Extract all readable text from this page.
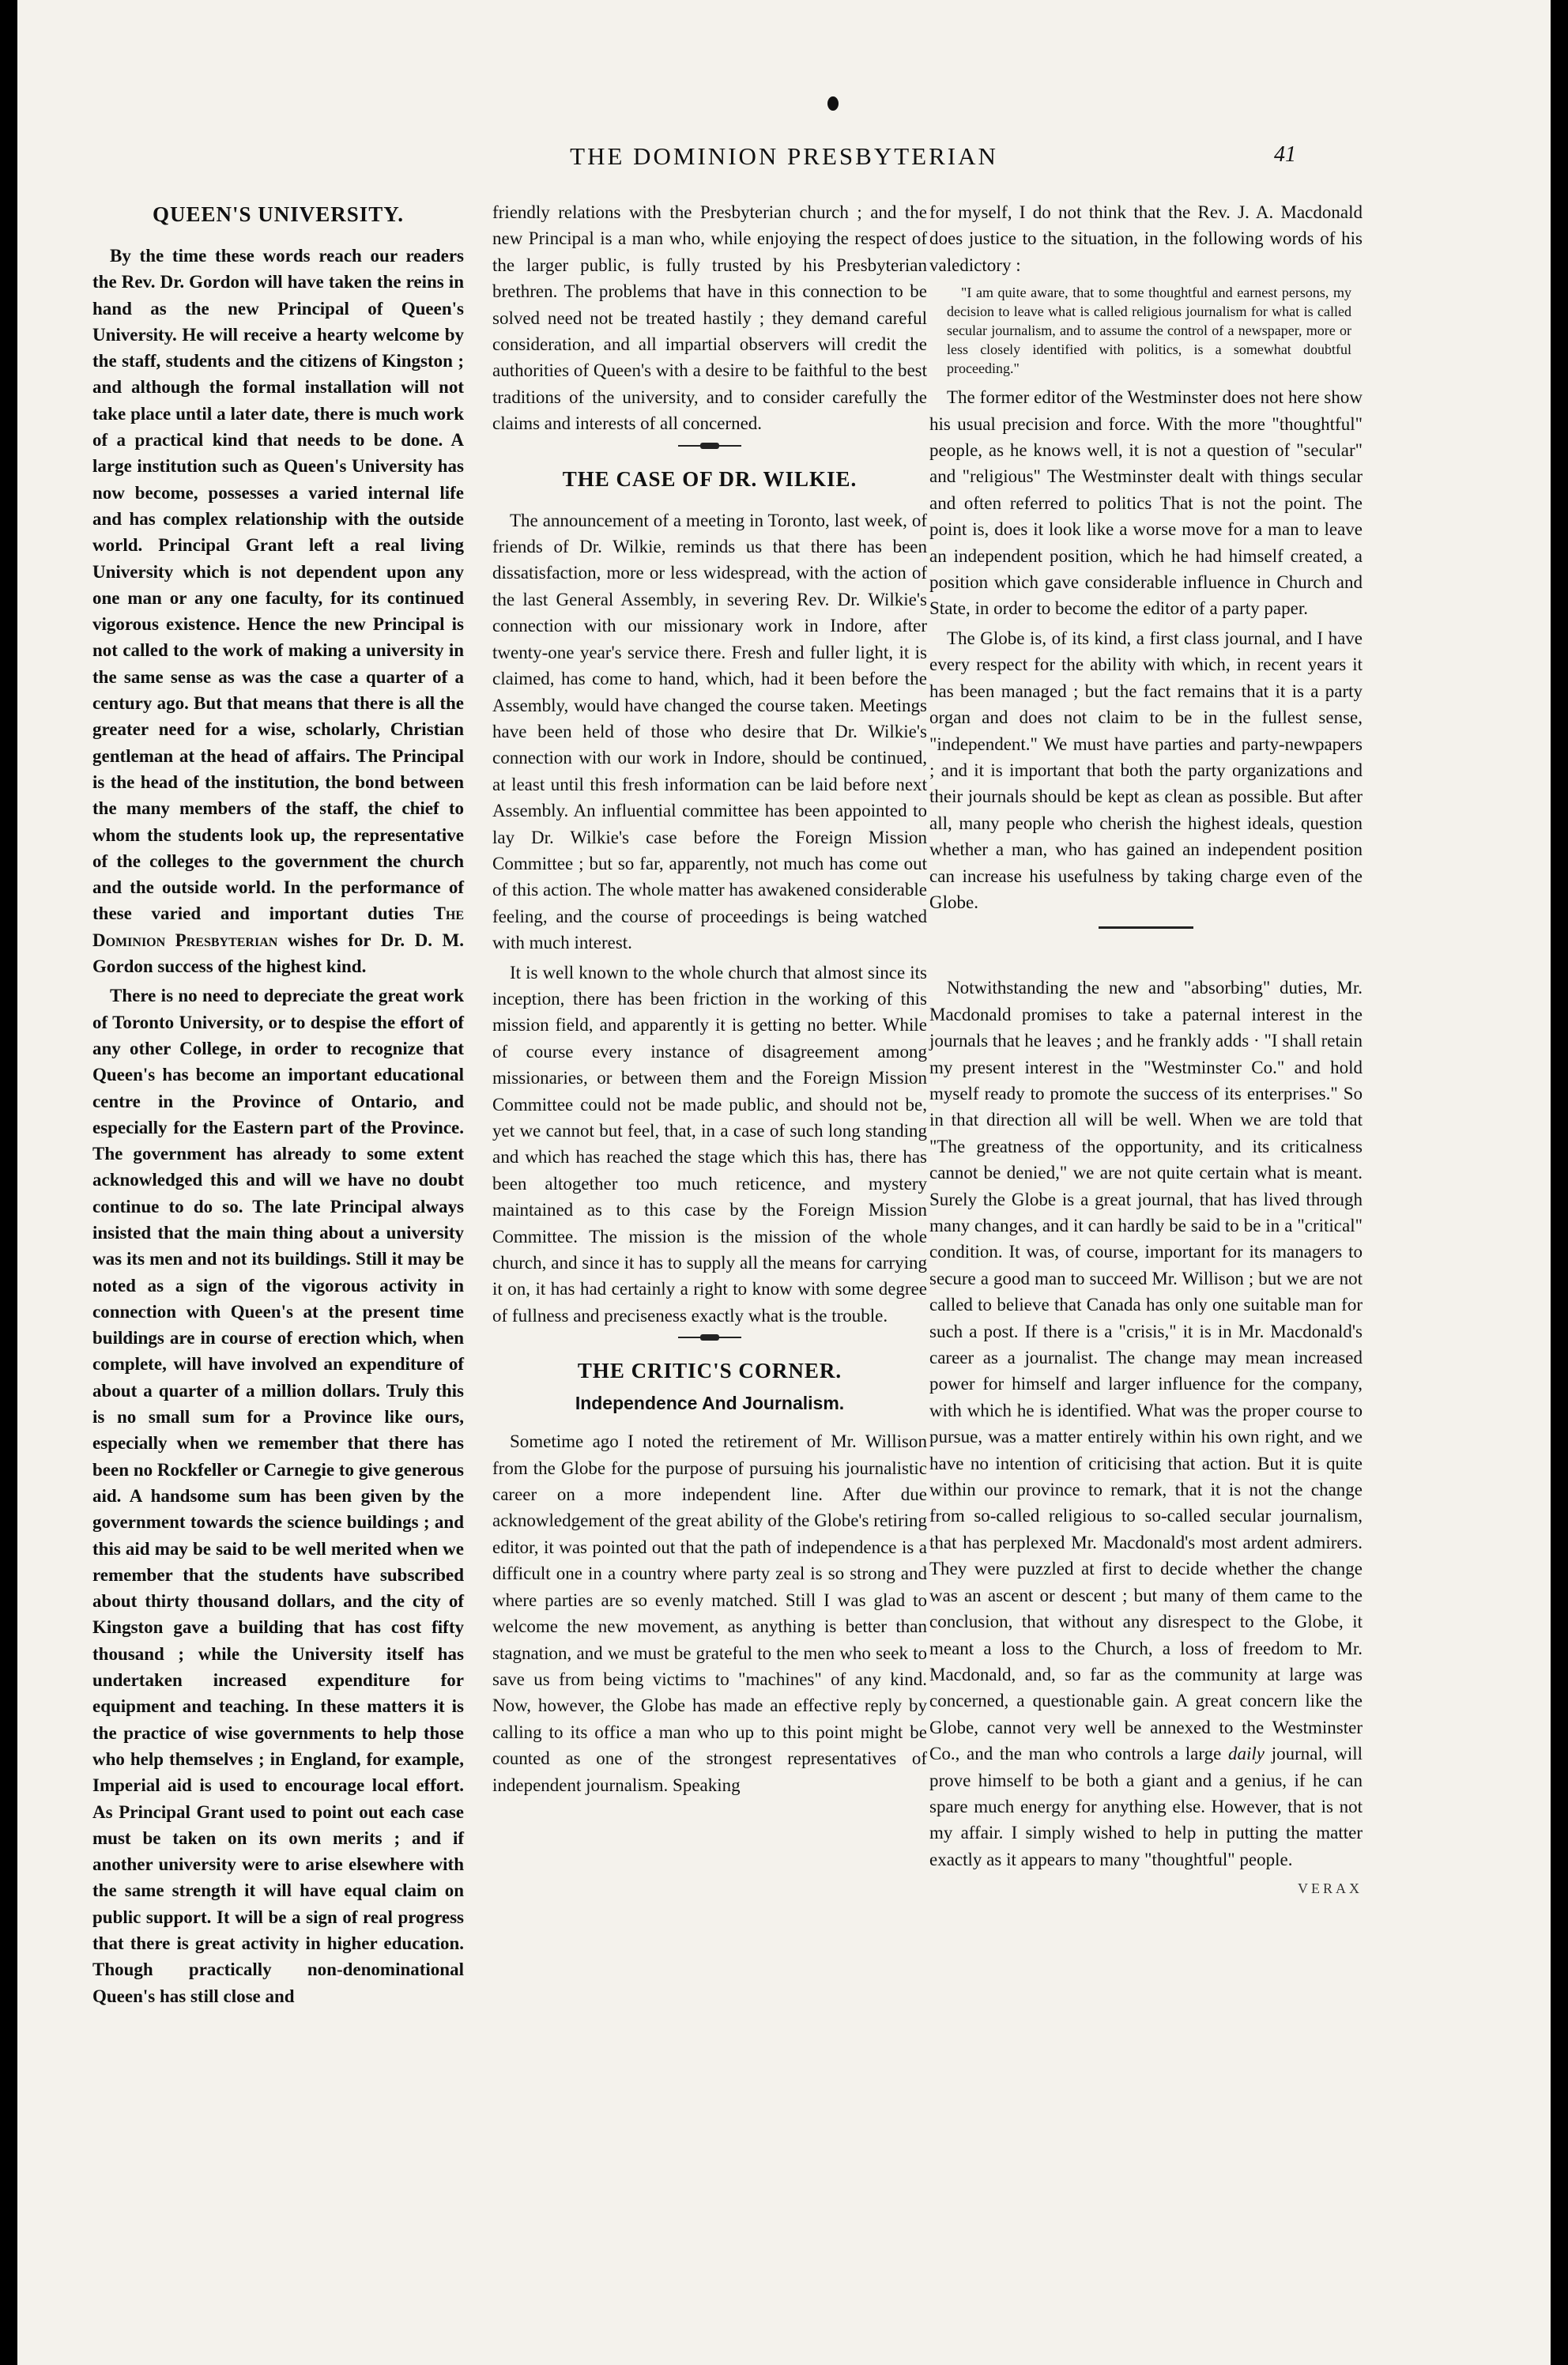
THE DOMINION PRESBYTERIAN	41
QUEEN'S UNIVERSITY.

By the time these words reach our readers the Rev. Dr. Gordon will have taken the reins in hand as the new Principal of Queen's University. He will receive a hearty welcome by the staff, students and the citizens of Kingston ; and although the formal installation will not take place until a later date, there is much work of a practical kind that needs to be done. A large institution such as Queen's University has now become, possesses a varied internal life and has complex relationship with the outside world. Principal Grant left a real living University which is not dependent upon any one man or any one faculty, for its continued vigorous existence. Hence the new Principal is not called to the work of making a university in the same sense as was the case a quarter of a century ago. But that means that there is all the greater need for a wise, scholarly, Christian gentleman at the head of affairs. The Principal is the head of the institution, the bond between the many members of the staff, the chief to whom the students look up, the representative of the colleges to the government the church and the outside world. In the performance of these varied and important duties The Dominion Presbyterian wishes for Dr. D. M. Gordon success of the highest kind.

There is no need to depreciate the great work of Toronto University, or to despise the effort of any other College, in order to recognize that Queen's has become an important educational centre in the Province of Ontario, and especially for the Eastern part of the Province. The government has already to some extent acknowledged this and will we have no doubt continue to do so. The late Principal always insisted that the main thing about a university was its men and not its buildings. Still it may be noted as a sign of the vigorous activity in connection with Queen's at the present time buildings are in course of erection which, when complete, will have involved an expenditure of about a quarter of a million dollars. Truly this is no small sum for a Province like ours, especially when we remember that there has been no Rockfeller or Carnegie to give generous aid. A handsome sum has been given by the government towards the science buildings ; and this aid may be said to be well merited when we remember that the students have subscribed about thirty thousand dollars, and the city of Kingston gave a building that has cost fifty thousand ; while the University itself has undertaken increased expenditure for equipment and teaching. In these matters it is the practice of wise governments to help those who help themselves ; in England, for example, Imperial aid is used to encourage local effort. As Principal Grant used to point out each case must be taken on its own merits ; and if another university were to arise elsewhere with the same strength it will have equal claim on public support. It will be a sign of real progress that there is great activity in higher education. Though practically non-denominational Queen's has still close and

friendly relations with the Presbyterian church ; and the new Principal is a man who, while enjoying the respect of the larger public, is fully trusted by his Presbyterian brethren. The problems that have in this connection to be solved need not be treated hastily ; they demand careful consideration, and all impartial observers will credit the authorities of Queen's with a desire to be faithful to the best traditions of the university, and to consider carefully the claims and interests of all concerned.

THE CASE OF DR. WILKIE.

The announcement of a meeting in Toronto, last week, of friends of Dr. Wilkie, reminds us that there has been dissatisfaction, more or less widespread, with the action of the last General Assembly, in severing Rev. Dr. Wilkie's connection with our missionary work in Indore, after twenty-one year's service there. Fresh and fuller light, it is claimed, has come to hand, which, had it been before the Assembly, would have changed the course taken. Meetings have been held of those who desire that Dr. Wilkie's connection with our work in Indore, should be continued, at least until this fresh information can be laid before next Assembly. An influential committee has been appointed to lay Dr. Wilkie's case before the Foreign Mission Committee ; but so far, apparently, not much has come out of this action. The whole matter has awakened considerable feeling, and the course of proceedings is being watched with much interest.

It is well known to the whole church that almost since its inception, there has been friction in the working of this mission field, and apparently it is getting no better. While of course every instance of disagreement among missionaries, or between them and the Foreign Mission Committee could not be made public, and should not be, yet we cannot but feel, that, in a case of such long standing and which has reached the stage which this has, there has been altogether too much reticence, and mystery maintained as to this case by the Foreign Mission Committee. The mission is the mission of the whole church, and since it has to supply all the means for carrying it on, it has had certainly a right to know with some degree of fullness and preciseness exactly what is the trouble.

THE CRITIC'S CORNER.
Independence And Journalism.

Sometime ago I noted the retirement of Mr. Willison from the Globe for the purpose of pursuing his journalistic career on a more independent line. After due acknowledgement of the great ability of the Globe's retiring editor, it was pointed out that the path of independence is a difficult one in a country where party zeal is so strong and where parties are so evenly matched. Still I was glad to welcome the new movement, as anything is better than stagnation, and we must be grateful to the men who seek to save us from being victims to "machines" of any kind. Now, however, the Globe has made an effective reply by calling to its office a man who up to this point might be counted as one of the strongest representatives of independent journalism. Speaking

for myself, I do not think that the Rev. J. A. Macdonald does justice to the situation, in the following words of his valedictory :

"I am quite aware, that to some thoughtful and earnest persons, my decision to leave what is called religious journalism for what is called secular journalism, and to assume the control of a newspaper, more or less closely identified with politics, is a somewhat doubtful proceeding."

The former editor of the Westminster does not here show his usual precision and force. With the more "thoughtful" people, as he knows well, it is not a question of "secular" and "religious" The Westminster dealt with things secular and often referred to politics That is not the point. The point is, does it look like a worse move for a man to leave an independent position, which he had himself created, a position which gave considerable influence in Church and State, in order to become the editor of a party paper.

The Globe is, of its kind, a first class journal, and I have every respect for the ability with which, in recent years it has been managed ; but the fact remains that it is a party organ and does not claim to be in the fullest sense, "independent." We must have parties and party-newpapers ; and it is important that both the party organizations and their journals should be kept as clean as possible. But after all, many people who cherish the highest ideals, question whether a man, who has gained an independent position can increase his usefulness by taking charge even of the Globe.

Notwithstanding the new and "absorbing" duties, Mr. Macdonald promises to take a paternal interest in the journals that he leaves ; and he frankly adds · "I shall retain my present interest in the "Westminster Co." and hold myself ready to promote the success of its enterprises." So in that direction all will be well. When we are told that "The greatness of the opportunity, and its criticalness cannot be denied," we are not quite certain what is meant. Surely the Globe is a great journal, that has lived through many changes, and it can hardly be said to be in a "critical" condition. It was, of course, important for its managers to secure a good man to succeed Mr. Willison ; but we are not called to believe that Canada has only one suitable man for such a post. If there is a "crisis," it is in Mr. Macdonald's career as a journalist. The change may mean increased power for himself and larger influence for the company, with which he is identified. What was the proper course to pursue, was a matter entirely within his own right, and we have no intention of criticising that action. But it is quite within our province to remark, that it is not the change from so-called religious to so-called secular journalism, that has perplexed Mr. Macdonald's most ardent admirers. They were puzzled at first to decide whether the change was an ascent or descent ; but many of them came to the conclusion, that without any disrespect to the Globe, it meant a loss to the Church, a loss of freedom to Mr. Macdonald, and, so far as the community at large was concerned, a questionable gain. A great concern like the Globe, cannot very well be annexed to the Westminster Co., and the man who controls a large daily journal, will prove himself to be both a giant and a genius, if he can spare much energy for anything else. However, that is not my affair. I simply wished to help in putting the matter exactly as it appears to many "thoughtful" people.

VERAX
